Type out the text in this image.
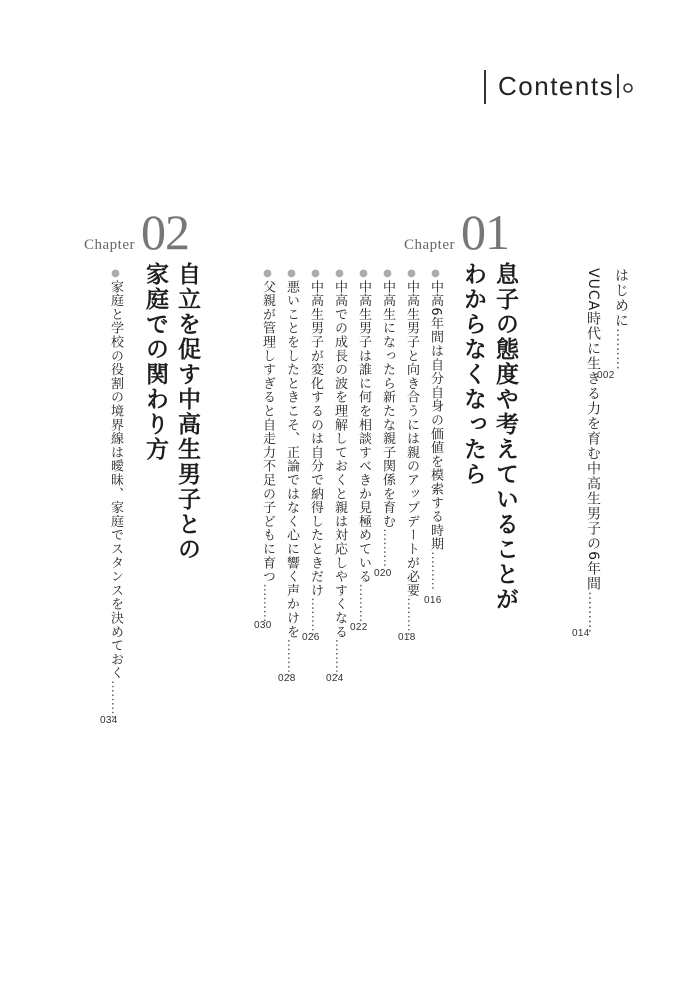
Contents
はじめに………
002
VUCA時代に生きる力を育む中高生男子の6年間………
014
Chapter 01
息子の態度や考えていることが
わからなくなったら
●中高6年間は自分自身の価値を模索する時期………
016
●中高生男子と向き合うには親のアップデートが必要………
018
●中高生になったら新たな親子関係を育む………
020
●中高生男子は誰に何を相談すべきか見極めている………
022
●中高での成長の波を理解しておくと親は対応しやすくなる………
024
●中高生男子が変化するのは自分で納得したときだけ………
026
●悪いことをしたときこそ、正論ではなく心に響く声かけを………
028
●父親が管理しすぎると自走力不足の子どもに育つ………
030
Chapter 02
自立を促す中高生男子との
家庭での関わり方
●家庭と学校の役割の境界線は曖昧、家庭でスタンスを決めておく………
034
